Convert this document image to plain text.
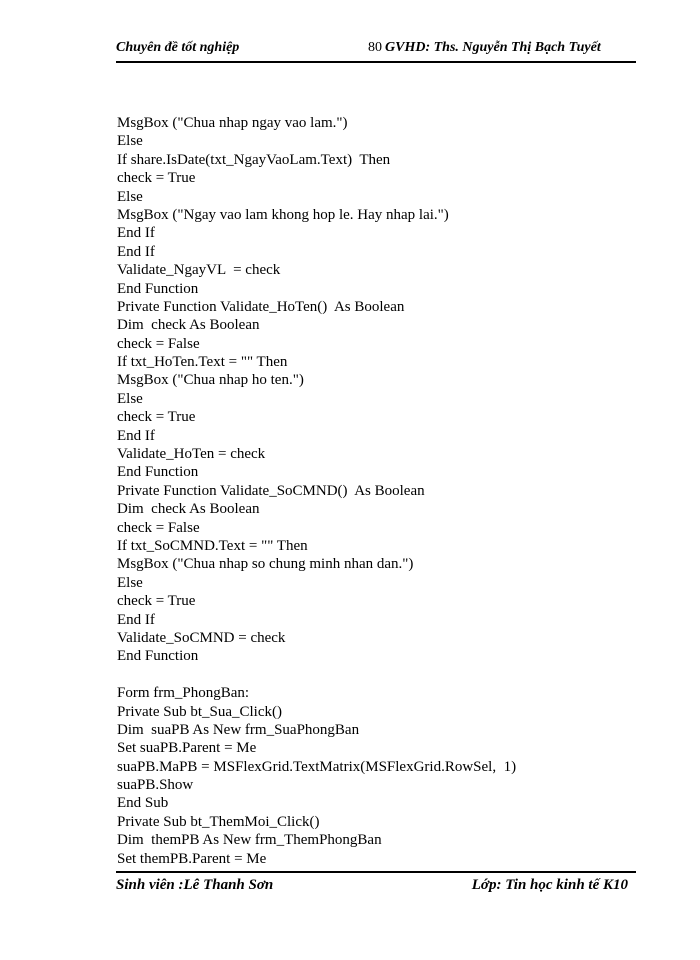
Chuyên đề tốt nghiệp	80 GVHD: Ths. Nguyễn Thị Bạch Tuyết
MsgBox ("Chua nhap ngay vao lam.")
Else
If share.IsDate(txt_NgayVaoLam.Text)  Then
check = True
Else
MsgBox ("Ngay vao lam khong hop le. Hay nhap lai.")
End If
End If
Validate_NgayVL  = check
End Function
Private Function Validate_HoTen()  As Boolean
Dim  check As Boolean
check = False
If txt_HoTen.Text = "" Then
MsgBox ("Chua nhap ho ten.")
Else
check = True
End If
Validate_HoTen = check
End Function
Private Function Validate_SoCMND()  As Boolean
Dim  check As Boolean
check = False
If txt_SoCMND.Text = "" Then
MsgBox ("Chua nhap so chung minh nhan dan.")
Else
check = True
End If
Validate_SoCMND = check
End Function
Form frm_PhongBan:
Private Sub bt_Sua_Click()
Dim  suaPB As New frm_SuaPhongBan
Set suaPB.Parent = Me
suaPB.MaPB = MSFlexGrid.TextMatrix(MSFlexGrid.RowSel,  1)
suaPB.Show
End Sub
Private Sub bt_ThemMoi_Click()
Dim  themPB As New frm_ThemPhongBan
Set themPB.Parent = Me
Sinh viên :Lê Thanh Sơn	Lớp: Tin học kinh tế K10
